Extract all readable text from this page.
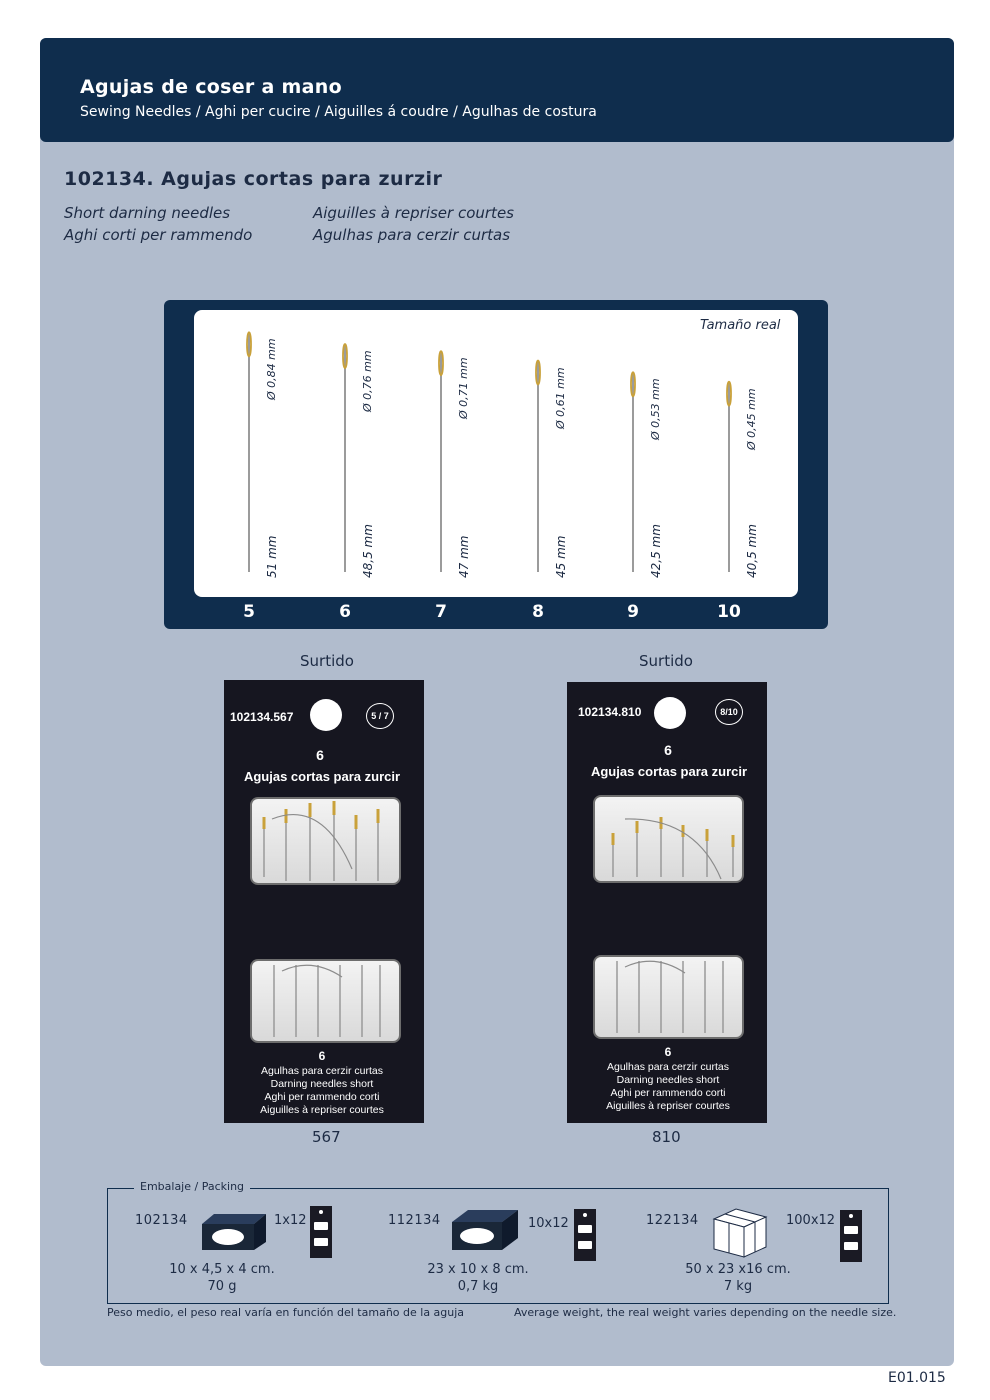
Agujas de coser a mano
Sewing Needles / Aghi per cucire / Aiguilles á coudre / Agulhas de costura
102134. Agujas cortas para zurzir
Short darning needles
Aghi corti per rammendo
Aiguilles à repriser courtes
Agulhas para cerzir curtas
Tamaño real
5
Ø 0,84 mm
51 mm
6
Ø 0,76 mm
48,5 mm
7
Ø 0,71 mm
47 mm
8
Ø 0,61 mm
45 mm
9
Ø 0,53 mm
42,5 mm
10
Ø 0,45 mm
40,5 mm
Surtido
102134.567	5 / 7
6
Agujas cortas para zurcir
6
Agulhas para cerzir curtas
Darning needles short
Aghi per rammendo corti
Aiguilles à repriser courtes
567
Surtido
102134.810	8/10
6
Agujas cortas para zurcir
6
Agulhas para cerzir curtas
Darning needles short
Aghi per rammendo corti
Aiguilles à repriser courtes
810
Embalaje / Packing
102134	1x12
10 x 4,5 x 4 cm.
70 g
112134	10x12
23 x 10 x 8 cm.
0,7 kg
122134	100x12
50 x 23 x16 cm.
7 kg
Peso medio, el peso real varía en función del tamaño de la aguja	Average weight, the real weight varies depending on the needle size.
E01.015
